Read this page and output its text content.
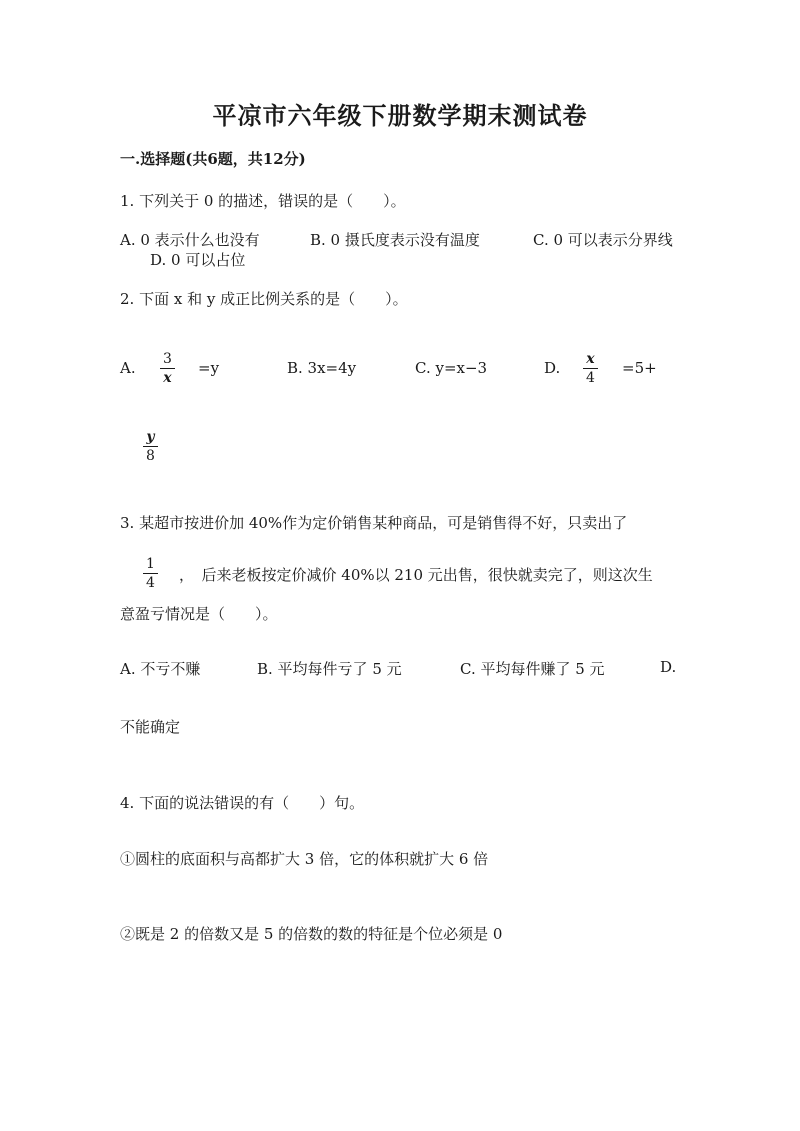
平凉市六年级下册数学期末测试卷
一.选择题(共6题，共12分)
1. 下列关于 0 的描述，错误的是（　　）。
A. 0 表示什么也没有	B. 0 摄氏度表示没有温度	C. 0 可以表示分界线
D. 0 可以占位
2. 下面 x 和 y 成正比例关系的是（　　）。
A. $\frac{3}{x} =y$	B. 3x=4y	C. y=x−3	D. $\frac{x}{4} =5+$
$\frac{y}{8}$
3. 某超市按进价加 40%作为定价销售某种商品，可是销售得不好，只卖出了
$\frac{1}{4}$ ，　后来老板按定价减价 40%以 210 元出售，很快就卖完了，则这次生
意盈亏情况是（　　）。
A. 不亏不赚	B. 平均每件亏了 5 元	C. 平均每件赚了 5 元	D.
不能确定
4. 下面的说法错误的有（　　）句。
①圆柱的底面积与高都扩大 3 倍，它的体积就扩大 6 倍
②既是 2 的倍数又是 5 的倍数的数的特征是个位必须是 0
